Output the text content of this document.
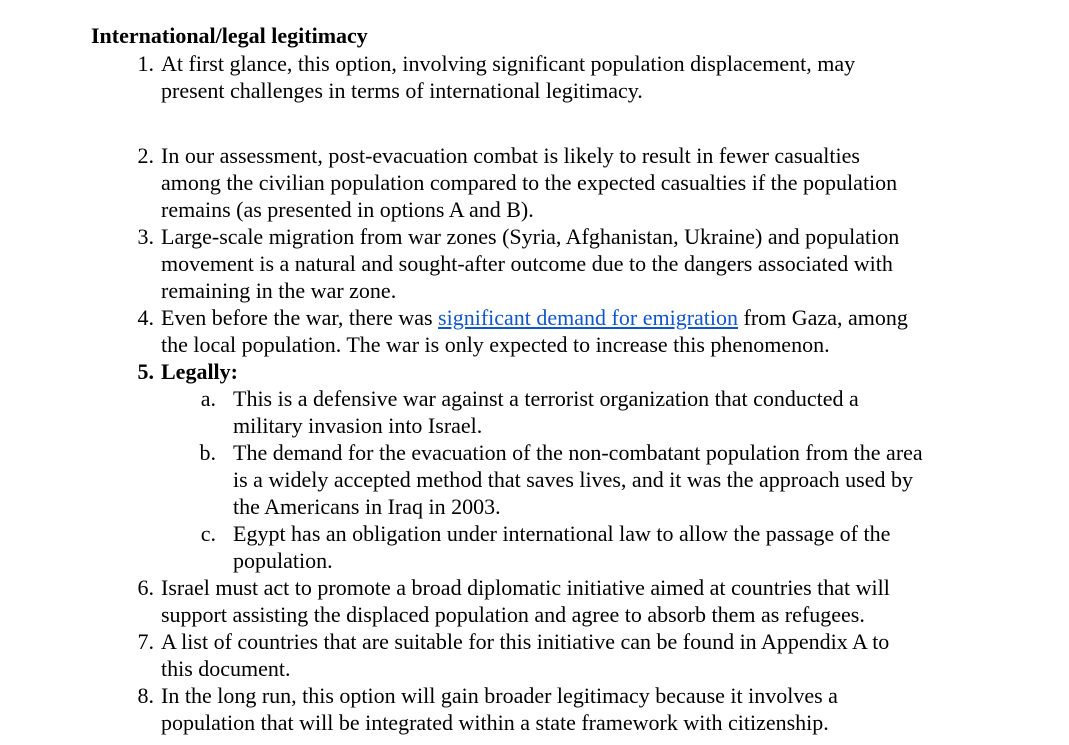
International/legal legitimacy
1. At first glance, this option, involving significant population displacement, may
present challenges in terms of international legitimacy.
2. In our assessment, post-evacuation combat is likely to result in fewer casualties
among the civilian population compared to the expected casualties if the population
remains (as presented in options A and B).
3. Large-scale migration from war zones (Syria, Afghanistan, Ukraine) and population
movement is a natural and sought-after outcome due to the dangers associated with
remaining in the war zone.
4. Even before the war, there was significant demand for emigration from Gaza, among
the local population. The war is only expected to increase this phenomenon.
5. Legally:
a. This is a defensive war against a terrorist organization that conducted a
military invasion into Israel.
b. The demand for the evacuation of the non-combatant population from the area
is a widely accepted method that saves lives, and it was the approach used by
the Americans in Iraq in 2003.
c. Egypt has an obligation under international law to allow the passage of the
population.
6. Israel must act to promote a broad diplomatic initiative aimed at countries that will
support assisting the displaced population and agree to absorb them as refugees.
7. A list of countries that are suitable for this initiative can be found in Appendix A to
this document.
8. In the long run, this option will gain broader legitimacy because it involves a
population that will be integrated within a state framework with citizenship.
